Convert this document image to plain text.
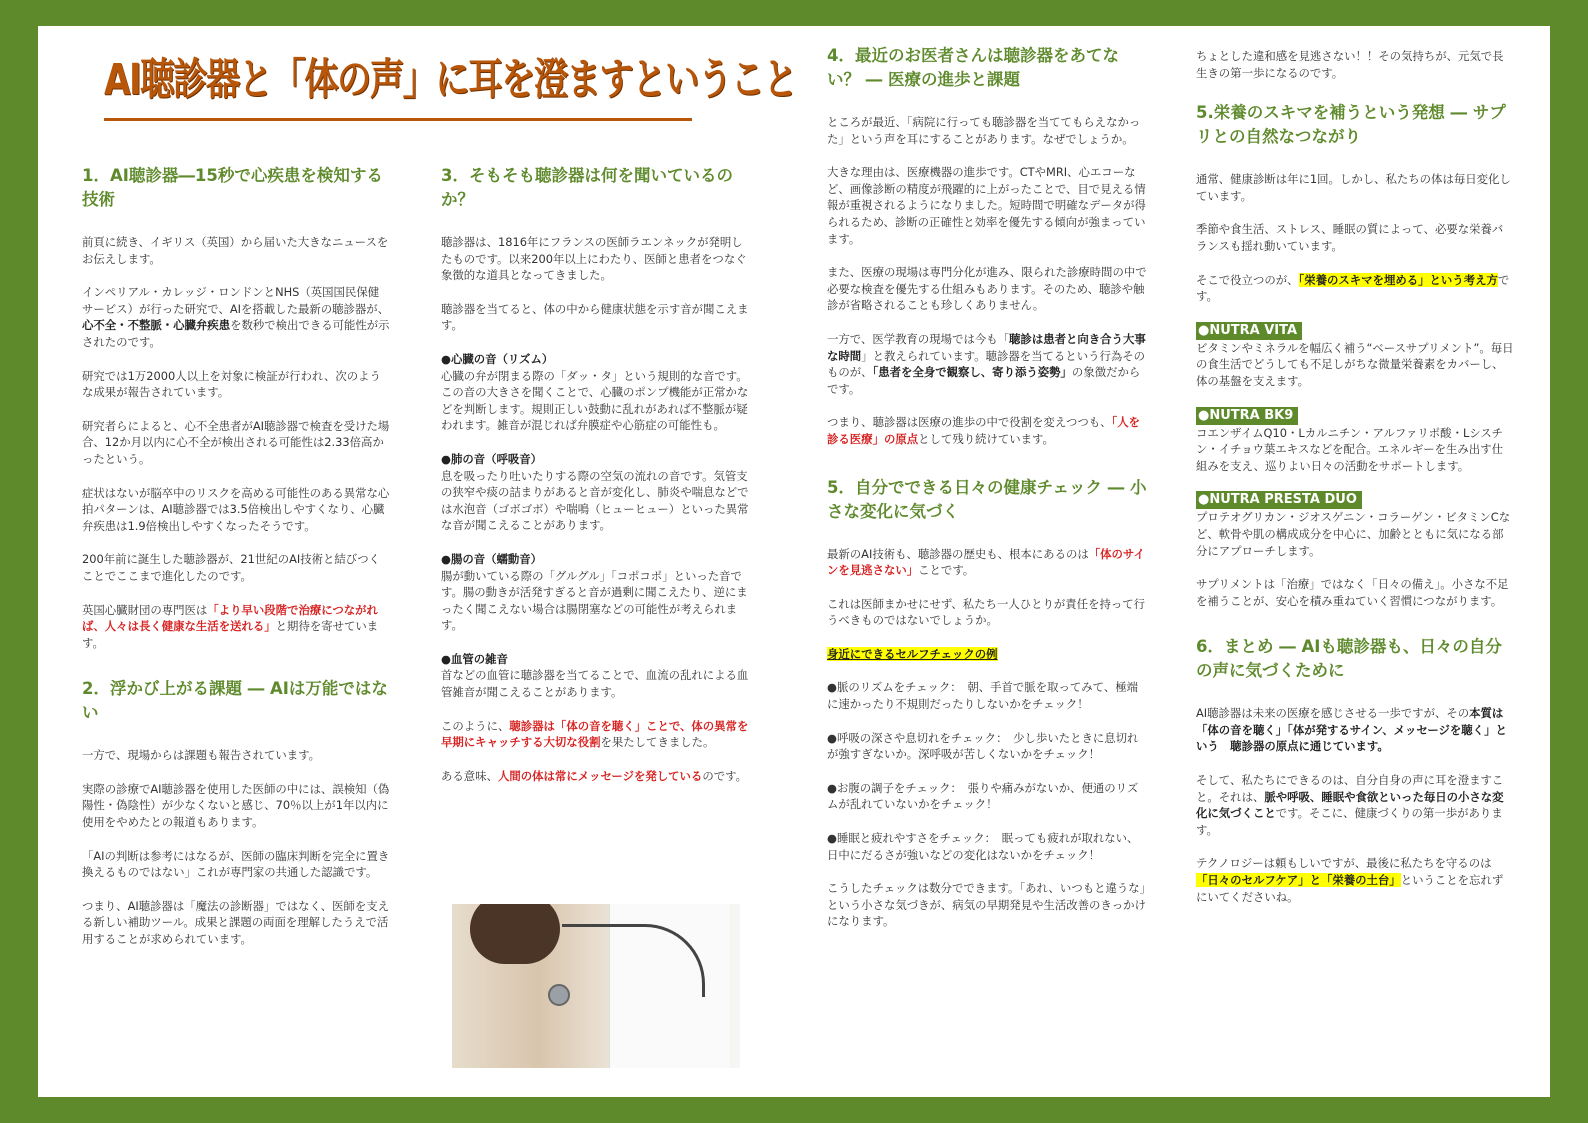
AI聴診器と「体の声」に耳を澄ますということ
1．AI聴診器―15秒で心疾患を検知する技術

前頁に続き、イギリス（英国）から届いた大きなニュースをお伝えします。

インペリアル・カレッジ・ロンドンとNHS（英国国民保健サービス）が行った研究で、AIを搭載した最新の聴診器が、心不全・不整脈・心臓弁疾患を数秒で検出できる可能性が示されたのです。

研究では1万2000人以上を対象に検証が行われ、次のような成果が報告されています。

研究者らによると、心不全患者がAI聴診器で検査を受けた場合、12か月以内に心不全が検出される可能性は2.33倍高かったという。

症状はないが脳卒中のリスクを高める可能性のある異常な心拍パターンは、AI聴診器では3.5倍検出しやすくなり、心臓弁疾患は1.9倍検出しやすくなったそうです。

200年前に誕生した聴診器が、21世紀のAI技術と結びつくことでここまで進化したのです。

英国心臓財団の専門医は「より早い段階で治療につながれば、人々は長く健康な生活を送れる」と期待を寄せています。

2．浮かび上がる課題 ― AIは万能ではない

一方で、現場からは課題も報告されています。

実際の診療でAI聴診器を使用した医師の中には、誤検知（偽陽性・偽陰性）が少なくないと感じ、70％以上が1年以内に使用をやめたとの報道もあります。

「AIの判断は参考にはなるが、医師の臨床判断を完全に置き換えるものではない」これが専門家の共通した認識です。

つまり、AI聴診器は「魔法の診断器」ではなく、医師を支える新しい補助ツール。成果と課題の両面を理解したうえで活用することが求められています。

3．そもそも聴診器は何を聞いているのか？

聴診器は、1816年にフランスの医師ラエンネックが発明したものです。以来200年以上にわたり、医師と患者をつなぐ象徴的な道具となってきました。

聴診器を当てると、体の中から健康状態を示す音が聞こえます。

●心臓の音（リズム）
心臓の弁が閉まる際の「ダッ・タ」という規則的な音です。この音の大きさを聞くことで、心臓のポンプ機能が正常かなどを判断します。規則正しい鼓動に乱れがあれば不整脈が疑われます。雑音が混じれば弁膜症や心筋症の可能性も。

●肺の音（呼吸音）
息を吸ったり吐いたりする際の空気の流れの音です。気管支の狭窄や痰の詰まりがあると音が変化し、肺炎や喘息などでは水泡音（ゴボゴボ）や喘鳴（ヒューヒュー）といった異常な音が聞こえることがあります。

●腸の音（蠕動音）
腸が動いている際の「グルグル」「コポコポ」といった音です。腸の動きが活発すぎると音が過剰に聞こえたり、逆にまったく聞こえない場合は腸閉塞などの可能性が考えられます。

●血管の雑音
首などの血管に聴診器を当てることで、血流の乱れによる血管雑音が聞こえることがあります。

このように、聴診器は「体の音を聴く」ことで、体の異常を早期にキャッチする大切な役割を果たしてきました。

ある意味、人間の体は常にメッセージを発しているのです。

4．最近のお医者さんは聴診器をあてない？ ― 医療の進歩と課題

ところが最近、「病院に行っても聴診器を当ててもらえなかった」という声を耳にすることがあります。なぜでしょうか。

大きな理由は、医療機器の進歩です。CTやMRI、心エコーなど、画像診断の精度が飛躍的に上がったことで、目で見える情報が重視されるようになりました。短時間で明確なデータが得られるため、診断の正確性と効率を優先する傾向が強まっています。

また、医療の現場は専門分化が進み、限られた診療時間の中で必要な検査を優先する仕組みもあります。そのため、聴診や触診が省略されることも珍しくありません。

一方で、医学教育の現場では今も「聴診は患者と向き合う大事な時間」と教えられています。聴診器を当てるという行為そのものが、「患者を全身で観察し、寄り添う姿勢」の象徴だからです。

つまり、聴診器は医療の進歩の中で役割を変えつつも、「人を診る医療」の原点として残り続けています。

5．自分でできる日々の健康チェック ― 小さな変化に気づく

最新のAI技術も、聴診器の歴史も、根本にあるのは「体のサインを見逃さない」ことです。

これは医師まかせにせず、私たち一人ひとりが責任を持って行うべきものではないでしょうか。

身近にできるセルフチェックの例

●脈のリズムをチェック：　朝、手首で脈を取ってみて、極端に速かったり不規則だったりしないかをチェック！

●呼吸の深さや息切れをチェック：　少し歩いたときに息切れが強すぎないか。深呼吸が苦しくないかをチェック！

●お腹の調子をチェック：　張りや痛みがないか、便通のリズムが乱れていないかをチェック！

●睡眠と疲れやすさをチェック：　眠っても疲れが取れない、日中にだるさが強いなどの変化はないかをチェック！

こうしたチェックは数分でできます。「あれ、いつもと違うな」という小さな気づきが、病気の早期発見や生活改善のきっかけになります。

ちょとした違和感を見逃さない！！その気持ちが、元気で長生きの第一歩になるのです。

5.栄養のスキマを補うという発想 ― サプリとの自然なつながり

通常、健康診断は年に1回。しかし、私たちの体は毎日変化しています。

季節や食生活、ストレス、睡眠の質によって、必要な栄養バランスも揺れ動いています。

そこで役立つのが、「栄養のスキマを埋める」という考え方です。

●NUTRA VITA
ビタミンやミネラルを幅広く補う“ベースサプリメント”。毎日の食生活でどうしても不足しがちな微量栄養素をカバーし、体の基盤を支えます。

●NUTRA BK9
コエンザイムQ10・Lカルニチン・アルファリポ酸・Lシスチン・イチョウ葉エキスなどを配合。エネルギーを生み出す仕組みを支え、巡りよい日々の活動をサポートします。

●NUTRA PRESTA DUO
プロテオグリカン・ジオスゲニン・コラーゲン・ビタミンCなど、軟骨や肌の構成成分を中心に、加齢とともに気になる部分にアプローチします。

サプリメントは「治療」ではなく「日々の備え」。小さな不足を補うことが、安心を積み重ねていく習慣につながります。

6．まとめ ― AIも聴診器も、日々の自分の声に気づくために

AI聴診器は未来の医療を感じさせる一歩ですが、その本質は「体の音を聴く」「体が発するサイン、メッセージを聴く」という　聴診器の原点に通じています。

そして、私たちにできるのは、自分自身の声に耳を澄ますこと。それは、脈や呼吸、睡眠や食欲といった毎日の小さな変化に気づくことです。そこに、健康づくりの第一歩があります。

テクノロジーは頼もしいですが、最後に私たちを守るのは「日々のセルフケア」と「栄養の土台」ということを忘れずにいてくださいね。
